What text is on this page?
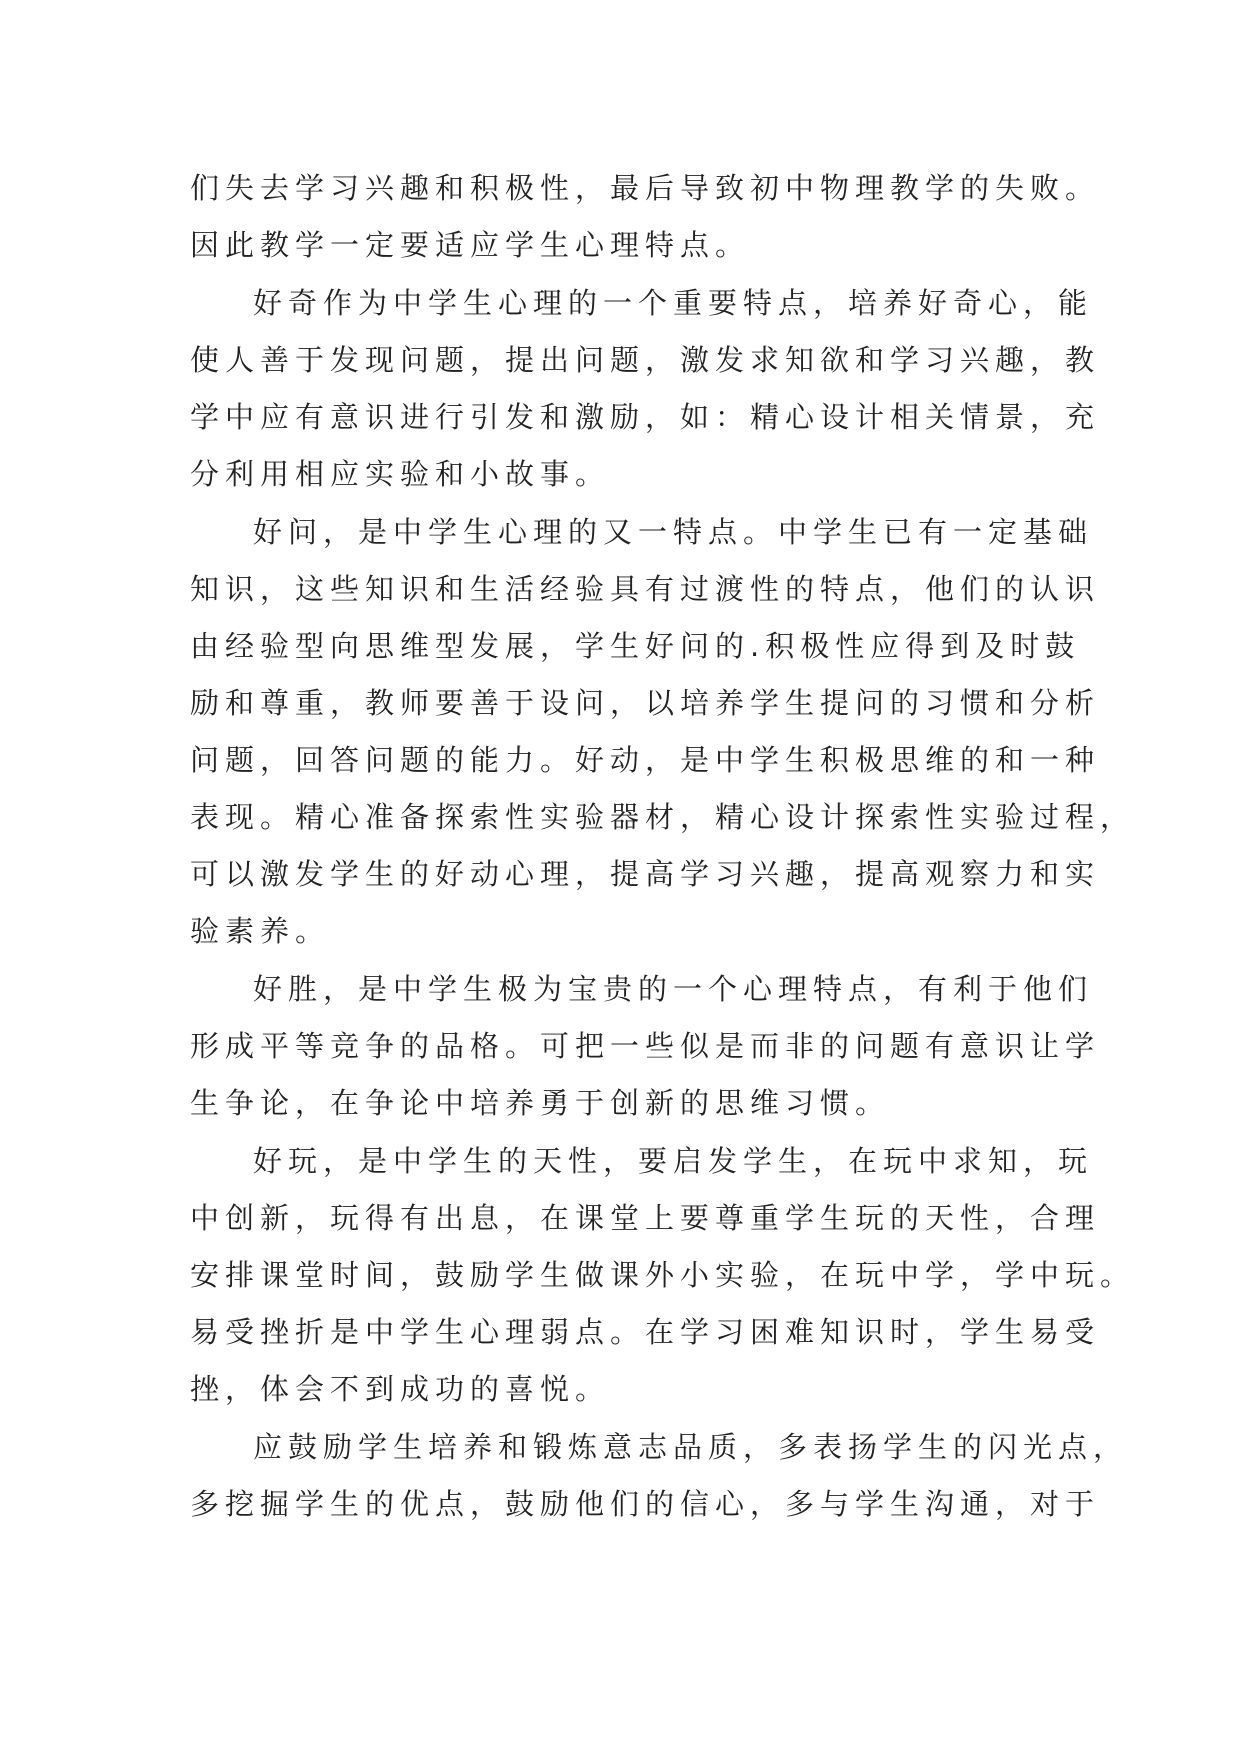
们失去学习兴趣和积极性，最后导致初中物理教学的失败。
因此教学一定要适应学生心理特点。
好奇作为中学生心理的一个重要特点，培养好奇心，能
使人善于发现问题，提出问题，激发求知欲和学习兴趣，教
学中应有意识进行引发和激励，如：精心设计相关情景，充
分利用相应实验和小故事。
好问，是中学生心理的又一特点。中学生已有一定基础
知识，这些知识和生活经验具有过渡性的特点，他们的认识
由经验型向思维型发展，学生好问的.积极性应得到及时鼓
励和尊重，教师要善于设问，以培养学生提问的习惯和分析
问题，回答问题的能力。好动，是中学生积极思维的和一种
表现。精心准备探索性实验器材，精心设计探索性实验过程，
可以激发学生的好动心理，提高学习兴趣，提高观察力和实
验素养。
好胜，是中学生极为宝贵的一个心理特点，有利于他们
形成平等竞争的品格。可把一些似是而非的问题有意识让学
生争论，在争论中培养勇于创新的思维习惯。
好玩，是中学生的天性，要启发学生，在玩中求知，玩
中创新，玩得有出息，在课堂上要尊重学生玩的天性，合理
安排课堂时间，鼓励学生做课外小实验，在玩中学，学中玩。
易受挫折是中学生心理弱点。在学习困难知识时，学生易受
挫，体会不到成功的喜悦。
应鼓励学生培养和锻炼意志品质，多表扬学生的闪光点，
多挖掘学生的优点，鼓励他们的信心，多与学生沟通，对于
